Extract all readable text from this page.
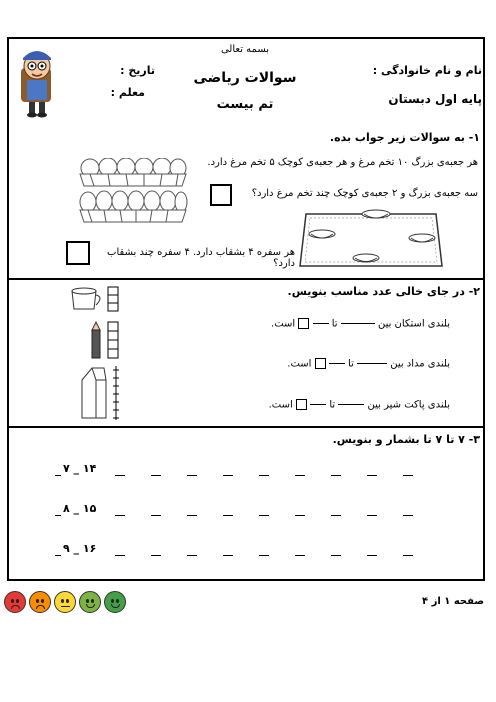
بسمه تعالی
سوالات ریاضی
تم بیست
نام و نام خانوادگی :
پایه اول دبستان
تاریخ :
معلم :
۱- به سوالات زیر جواب بده.
هر جعبه‌ی بزرگ ۱۰ تخم مرغ و هر جعبه‌ی کوچک ۵ تخم مرغ دارد.
سه جعبه‌ی بزرگ و ۲ جعبه‌ی کوچک چند تخم مرغ دارد؟
هر سفره ۴ بشقاب دارد. ۴ سفره چند بشقاب دارد؟
۲- در جای خالی عدد مناسب بنویس.
بلندی استکان بین  تا   است.
بلندی مداد بین  تا   است.
بلندی پاکت شیر بین  تا   است.
۳- ۷ تا ۷ تا بشمار و بنویس.
۷ _ ۱۴
۸ _ ۱۵
۹ _ ۱۶
صفحه ۱ از ۴
